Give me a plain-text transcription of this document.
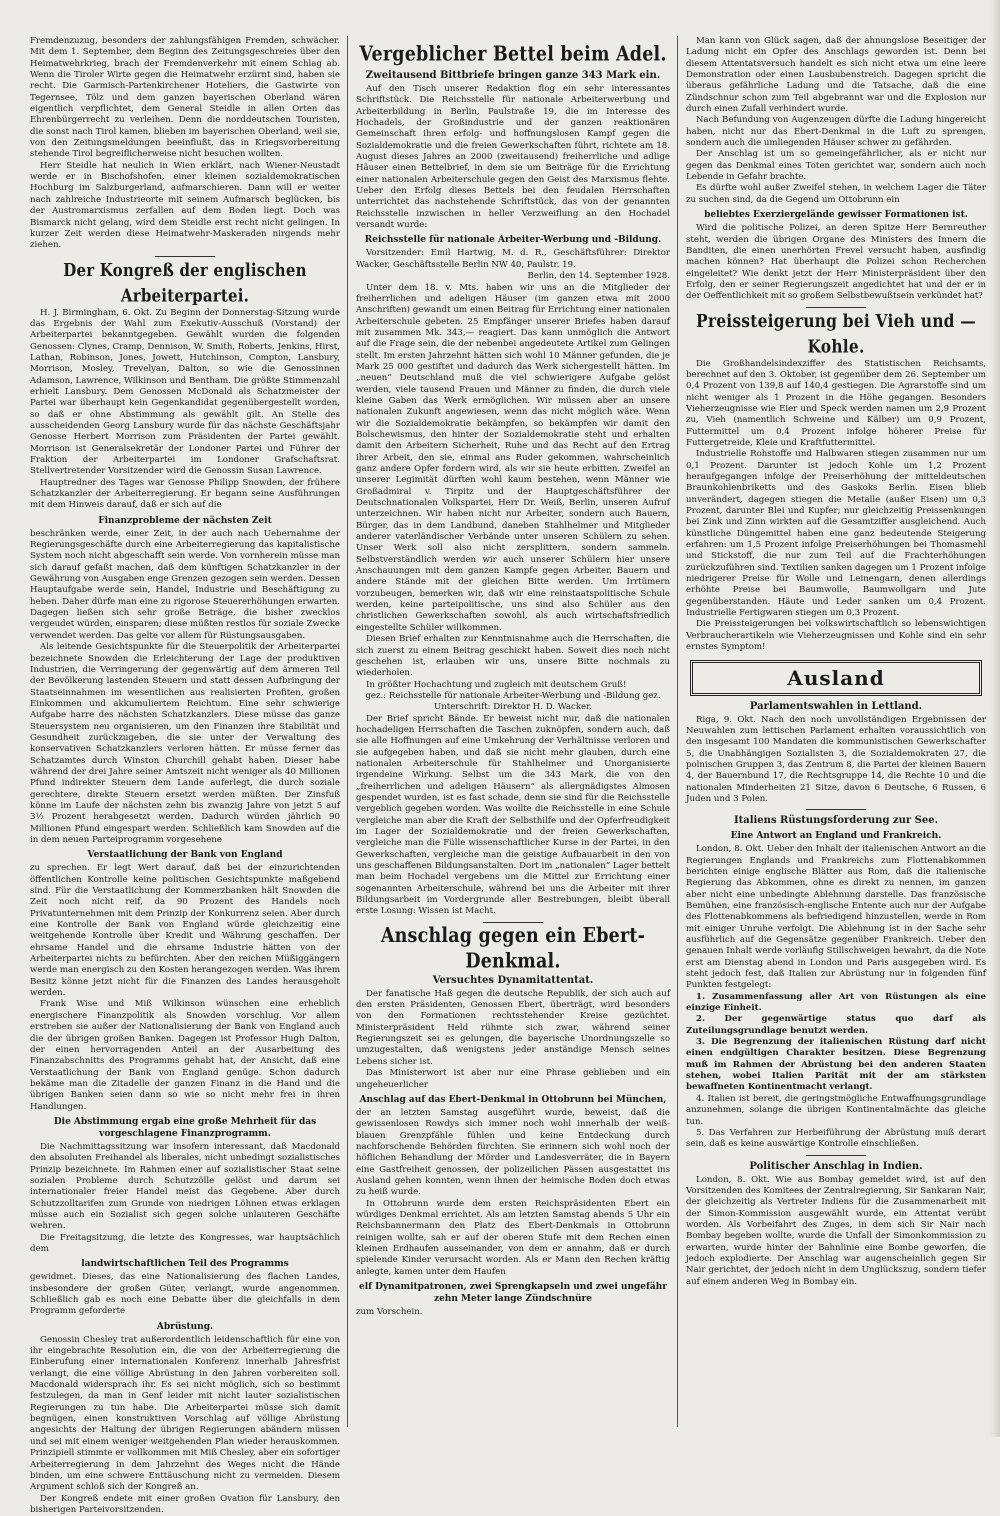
Fremdenzuzug, besonders der zahlungsfähigen Fremden, schwächer. Mit dem 1. September, dem Beginn des Zeitungsgeschreies über den Heimatwehrkrieg, brach der Fremdenverkehr mit einem Schlag ab. Wenn die Tiroler Wirte gegen die Heimatwehr erzürnt sind, haben sie recht. Die Garmisch-Partenkirchener Hoteliers, die Gastwirte von Tegernsee, Tölz und dem ganzen bayerischen Oberland wären eigentlich verpflichtet, dem General Steidle in allen Orten das Ehrenbürgerrecht zu verleihen. Denn die norddeutschen Touristen, die sonst nach Tirol kamen, blieben im bayerischen Oberland, weil sie, von den Zeitungsmeldungen beeinflußt, das in Kriegsvorbereitung stehende Tirol begreiflicherweise nicht besuchen wollten.

Herr Steidle hat neulich in Wien erklärt, nach Wiener-Neustadt werde er in Bischofshofen, einer kleinen sozialdemokratischen Hochburg im Salzburgerland, aufmarschieren. Dann will er weiter nach zahlreiche Industrieorte mit seinem Aufmarsch beglücken, bis der Austromarxismus zerfallen auf dem Boden liegt. Doch was Bismarck nicht gelang, wird dem Steidle erst recht nicht gelingen. In kurzer Zeit werden diese Heimatwehr-Maskeraden nirgends mehr ziehen.

Der Kongreß der englischen Arbeiterpartei.

H. J. Birmingham, 6. Okt. Zu Beginn der Donnerstag-Sitzung wurde das Ergebnis der Wahl zum Exekutiv-Ausschuß (Vorstand) der Arbeiterpartei bekanntgegeben. Gewählt wurden die folgenden Genossen: Clynes, Cramp, Dennison, W. Smith, Roberts, Jenkins, Hirst, Lathan, Robinson, Jones, Jowett, Hutchinson, Compton, Lansbury, Morrison, Mosley, Trevelyan, Dalton, so wie die Genossinnen Adamson, Lawrence, Wilkinson und Bentham. Die größte Stimmenzahl erhielt Lansbury. Dem Genossen McDonald als Schatzmeister der Partei war überhaupt kein Gegenkandidat gegenübergestellt worden, so daß er ohne Abstimmung als gewählt gilt. An Stelle des ausscheidenden Georg Lansbury wurde für das nächste Geschäftsjahr Genosse Herbert Morrison zum Präsidenten der Partei gewählt. Morrison ist Generalsekretär der Londoner Partei und Führer der Fraktion der Arbeiterpartei im Londoner Grafschaftsrat. Stellvertretender Vorsitzender wird die Genossin Susan Lawrence.

Hauptredner des Tages war Genosse Philipp Snowden, der frühere Schatzkanzler der Arbeiterregierung. Er begann seine Ausführungen mit dem Hinweis darauf, daß er sich auf die

Finanzprobleme der nächsten Zeit

beschränken werde, einer Zeit, in der auch nach Uebernahme der Regierungsgeschäfte durch eine Arbeiterregierung das kapitalistische System noch nicht abgeschafft sein werde. Von vornherein müsse man sich darauf gefaßt machen, daß dem künftigen Schatzkanzler in der Gewährung von Ausgaben enge Grenzen gezogen sein werden. Dessen Hauptaufgabe werde sein, Handel, Industrie und Beschäftigung zu heben. Daher dürfe man eine zu rigorose Steuererhöhungen erwarten. Dagegen ließen sich sehr große Beträge, die bisher zwecklos vergeudet würden, einsparen; diese müßten restlos für soziale Zwecke verwendet werden. Das gelte vor allem für Rüstungsausgaben.

Als leitende Gesichtspunkte für die Steuerpolitik der Arbeiterpartei bezeichnete Snowden die Erleichterung der Lage der produktiven Industrien, die Verringerung der gegenwärtig auf dem ärmeren Teil der Bevölkerung lastenden Steuern und statt dessen Aufbringung der Staatseinnahmen im wesentlichen aus realisierten Profiten, großen Einkommen und akkumuliertem Reichtum. Eine sehr schwierige Aufgabe harre des nächsten Schatzkanzlers. Diese müsse das ganze Steuersystem neu organisieren, um den Finanzen ihre Stabilität und Gesundheit zurückzugeben, die sie unter der Verwaltung des konservativen Schatzkanzlers verloren hätten. Er müsse ferner das Schatzamtes durch Winston Churchill gehabt haben. Dieser habe während der drei Jahre seiner Amtszeit nicht weniger als 40 Millionen Pfund indirekter Steuern dem Lande auferlegt, die durch soziale gerechtere, direkte Steuern ersetzt werden müßten. Der Zinsfuß könne im Laufe der nächsten zehn bis zwanzig Jahre von jetzt 5 auf 3½ Prozent herabgesetzt werden. Dadurch würden jährlich 90 Millionen Pfund eingespart werden. Schließlich kam Snowden auf die in dem neuen Parteiprogramm vorgesehene

Verstaatlichung der Bank von England

zu sprechen. Er legt Wert darauf, daß bei der einzurichtenden öffentlichen Kontrolle keine politischen Gesichtspunkte maßgebend sind. Für die Verstaatlichung der Kommerzbanken hält Snowden die Zeit noch nicht reif, da 90 Prozent des Handels noch Privatunternehmen mit dem Prinzip der Konkurrenz seien. Aber durch eine Kontrolle der Bank von England würde gleichzeitig eine weitgehende Kontrolle über Kredit und Währung geschaffen. Der ehrsame Handel und die ehrsame Industrie hätten von der Arbeiterpartei nichts zu befürchten. Aber den reichen Müßiggängern werde man energisch zu den Kosten herangezogen werden. Was ihrem Besitz könne jetzt nicht für die Finanzen des Landes herausgeholt werden.

Frank Wise und Miß Wilkinson wünschen eine erheblich energischere Finanzpolitik als Snowden vorschlug. Vor allem erstreben sie außer der Nationalisierung der Bank von England auch die der übrigen großen Banken. Dagegen ist Professor Hugh Dalton, der einen hervorragenden Anteil an der Ausarbeitung des Finanzabschnitts des Programms gehabt hat, der Ansicht, daß eine Verstaatlichung der Bank von England genüge. Schon dadurch bekäme man die Zitadelle der ganzen Finanz in die Hand und die übrigen Banken seien dann so wie so nicht mehr frei in ihren Handlungen.

Die Abstimmung ergab eine große Mehrheit für das vorgeschlagene Finanzprogramm.

Die Nachmittagssitzung war insofern interessant, daß Macdonald den absoluten Freihandel als liberales, nicht unbedingt sozialistisches Prinzip bezeichnete. Im Rahmen einer auf sozialistischer Staat seine sozialen Probleme durch Schutzzölle gelöst und darum sei internationaler freier Handel meist das Gegebene. Aber durch Schutzzolltarifen zum Grunde von niedrigen Löhnen etwas erklagen müsse auch ein Sozialist sich gegen solche unlauteren Geschäfte wehren.

Die Freitagsitzung, die letzte des Kongresses, war hauptsächlich dem

landwirtschaftlichen Teil des Programms

gewidmet. Dieses, das eine Nationalisierung des flachen Landes, insbesondere der großen Güter, verlangt, wurde angenommen. Schließlich gab es noch eine Debatte über die gleichfalls in dem Programm geforderte

Abrüstung.

Genossin Chesley trat außerordentlich leidenschaftlich für eine von ihr eingebrachte Resolution ein, die von der Arbeiterregierung die Einberufung einer internationalen Konferenz innerhalb Jahresfrist verlangt, die eine völlige Abrüstung in den Jahren vorbereiten soll. Macdonald widersprach ihr. Es sei nicht möglich, sich so bestimmt festzulegen, da man in Genf leider mit nicht lauter sozialistischen Regierungen zu tun habe. Die Arbeiterpartei müsse sich damit begnügen, einen konstruktiven Vorschlag auf völlige Abrüstung angesichts der Haltung der übrigen Regierungen abändern müssen und sei mit einem weniger weitgehenden Plan wieder herauskommen. Prinzipiell stimmte er vollkommen mit Miß Chesley, aber ein sofortiger Arbeiterregierung in dem Jahrzehnt des Weges nicht die Hände binden, um eine schwere Enttäuschung nicht zu vermeiden. Diesem Argument schloß sich der Kongreß an.

Der Kongreß endete mit einer großen Ovation für Lansbury, den bisherigen Parteivorsitzenden.

Vergeblicher Bettel beim Adel.
Zweitausend Bittbriefe bringen ganze 343 Mark ein.

Auf den Tisch unserer Redaktion flog ein sehr interessantes Schriftstück. Die Reichsstelle für nationale Arbeiterwerbung und Arbeiterbildung in Berlin, Paulstraße 19, die im Interesse des Hochadels, der Großindustrie und der ganzen reaktionären Gemeinschaft ihren erfolg- und hoffnungslosen Kampf gegen die Sozialdemokratie und die freien Gewerkschaften führt, richtete am 18. August dieses Jahres an 2000 (zweitausend) freiherrliche und adlige Häuser einen Bettelbrief, in dem sie um Beiträge für die Errichtung einer nationalen Arbeiterschule gegen den Geist des Marxismus flehte. Ueber den Erfolg dieses Bettels bei den feudalen Herrschaften unterrichtet das nachstehende Schriftstück, das von der genannten Reichsstelle inzwischen in heller Verzweiflung an den Hochadel versandt wurde:

Reichsstelle für nationale Arbeiter-Werbung und -Bildung.

Vorsitzender: Emil Hartwig, M. d. R., Geschäftsführer: Direktor Wacker, Geschäftsstelle Berlin NW 40, Paulstr. 19.

Berlin, den 14. September 1928.

Unter dem 18. v. Mts. haben wir uns an die Mitglieder der freiherrlichen und adeligen Häuser (im ganzen etwa mit 2000 Anschriften) gewandt um einen Beitrag für Errichtung einer nationalen Arbeiterschule gebeten. 25 Empfänger unserer Briefes haben darauf mit zusammen Mk. 343,— reagiert. Das kann unmöglich die Antwort auf die Frage sein, die der nebenbei angedeutete Artikel zum Gelingen stellt. Im ersten Jahrzehnt hätten sich wohl 10 Männer gefunden, die je Mark 25 000 gestiftet und dadurch das Werk sichergestellt hätten. Im „neuen“ Deutschland muß die viel schwierigere Aufgabe gelöst werden, viele tausend Frauen und Männer zu finden, die durch viele kleine Gaben das Werk ermöglichen. Wir müssen aber an unsere nationalen Zukunft angewiesen, wenn das nicht möglich wäre. Wenn wir die Sozialdemokratie bekämpfen, so bekämpfen wir damit den Bolschewismus, den hinter der Sozialdemokratie steht und erhalten damit den Arbeitern Sicherheit, Ruhe und das Recht auf den Ertrag ihrer Arbeit, den sie, einmal ans Ruder gekommen, wahrscheinlich ganz andere Opfer fordern wird, als wir sie heute erbitten. Zweifel an unserer Legimität dürften wohl kaum bestehen, wenn Männer wie Großadmiral v. Tirpitz und der Hauptgeschäftsführer der Deutschnationalen Volkspartei, Herr Dr. Weiß, Berlin, unseren Aufruf unterzeichnen. Wir haben nicht nur Arbeiter, sondern auch Bauern, Bürger, das in dem Landbund, daneben Stahlhelmer und Mitglieder anderer vaterländischer Verbände unter unseren Schülern zu sehen. Unser Werk soll also nicht zersplittern, sondern sammeln. Selbstverständlich werden wir auch unserer Schülern hier unsere Anschauungen mit dem ganzen Kampfe gegen Arbeiter, Bauern und andere Stände mit der gleichen Bitte werden. Um Irrtümern vorzubeugen, bemerken wir, daß wir eine reinstaatspolitische Schule werden, keine parteipolitische, uns sind also Schüler aus den christlichen Gewerkschaften sowohl, als auch wirtschaftsfriedlich eingestellte Schüler willkommen.

Diesen Brief erhalten zur Kenntnisnahme auch die Herrschaften, die sich zuerst zu einem Beitrag geschickt haben. Soweit dies noch nicht geschehen ist, erlauben wir uns, unsere Bitte nochmals zu wiederholen.

In größter Hochachtung und zugleich mit deutschem Gruß!

gez.: Reichsstelle für nationale Arbeiter-Werbung und -Bildung gez. Unterschrift: Direktor H. D. Wacker.

Der Brief spricht Bände. Er beweist nicht nur, daß die nationalen hochadeligen Herrschaften die Taschen zuknöpfen, sondern auch, daß sie alle Hoffnungen auf eine Umkehrung der Verhältnisse verloren und sie aufgegeben haben, und daß sie nicht mehr glauben, durch eine nationalen Arbeiterschule für Stahlhelmer und Unorganisierte irgendeine Wirkung. Selbst um die 343 Mark, die von den „freiherrlichen und adeligen Häusern“ als allergnädigstes Almosen gespendet wurden, ist es fast schade, denn sie sind für die Reichsstelle vergeblich gegeben worden. Was wollte die Reichsstelle in eine Schule vergleiche man aber die Kraft der Selbsthilfe und der Opferfreudigkeit im Lager der Sozialdemokratie und der freien Gewerkschaften, vergleiche man die Fülle wissenschaftlicher Kurse in der Partei, in den Gewerkschaften, vergleiche man die geistige Aufbauarbeit in den von uns geschaffenen Bildungsanstalten. Dort im „nationalen“ Lager bettelt man beim Hochadel vergebens um die Mittel zur Errichtung einer sogenannten Arbeiterschule, während bei uns die Arbeiter mit ihrer Bildungsarbeit im Vordergrunde aller Bestrebungen, bleibt überall erste Losung: Wissen ist Macht.

Anschlag gegen ein Ebert-Denkmal.
Versuchtes Dynamitattentat.

Der fanatische Haß gegen die deutsche Republik, der sich auch auf den ersten Präsidenten, Genossen Ebert, überträgt, wird besonders von den Formationen rechtsstehender Kreise gezüchtet. Ministerpräsident Held rühmte sich zwar, während seiner Regierungszeit sei es gelungen, die bayerische Unordnungszelle so umzugestalten, daß wenigstens jeder anständige Mensch seines Lebens sicher ist.

Das Ministerwort ist aber nur eine Phrase geblieben und ein ungeheuerlicher

Anschlag auf das Ebert-Denkmal in Ottobrunn bei München,

der an letzten Samstag ausgeführt wurde, beweist, daß die gewissenlosen Rowdys sich immer noch wohl innerhalb der weiß-blauen Grenzpfähle fühlen und keine Entdeckung durch nachforschende Behörden fürchten. Sie erinnern sich wohl noch der höflichen Behandlung der Mörder und Landesverräter, die in Bayern eine Gastfreiheit genossen, der polizeilichen Pässen ausgestattet ins Ausland gehen konnten, wenn ihnen der heimische Boden doch etwas zu heiß wurde.

In Ottobrunn wurde dem ersten Reichspräsidenten Ebert ein würdiges Denkmal errichtet. Als am letzten Samstag abends 5 Uhr ein Reichsbannermann den Platz des Ebert-Denkmals in Ottobrunn reinigen wollte, sah er auf der oberen Stufe mit dem Rechen einen kleinen Erdhaufen ausseinander, von dem er annahm, daß er durch spielende Kinder verursacht worden. Als er Mann den Rechen kräftig anlegte, kamen unter dem Haufen

elf Dynamitpatronen, zwei Sprengkapseln und zwei ungefähr zehn Meter lange Zündschnüre

zum Vorschein.

Man kann von Glück sagen, daß der ahnungslose Beseitiger der Ladung nicht ein Opfer des Anschlags geworden ist. Denn bei diesem Attentatsversuch handelt es sich nicht etwa um eine leere Demonstration oder einen Lausbubenstreich. Dagegen spricht die überaus gefährliche Ladung und die Tatsache, daß die eine Zündschnur schon zum Teil abgebrannt war und die Explosion nur durch einen Zufall verhindert wurde.

Nach Befundung von Augenzeugen dürfte die Ladung hingereicht haben, nicht nur das Ebert-Denkmal in die Luft zu sprengen, sondern auch die umliegenden Häuser schwer zu gefährden.

Der Anschlag ist um so gemeingefährlicher, als er nicht nur gegen das Denkmal eines Toten gerichtet war, sondern auch noch Lebende in Gefahr brachte.

Es dürfte wohl außer Zweifel stehen, in welchem Lager die Täter zu suchen sind, da die Gegend um Ottobrunn ein

beliebtes Exerziergelände gewisser Formationen ist.

Wird die politische Polizei, an deren Spitze Herr Bernreuther steht, werden die übrigen Organe des Ministers des Innern die Banditen, die einen unerhörten Frevel versucht haben, ausfindig machen können? Hat überhaupt die Polizei schon Recherchen eingeleitet? Wie denkt jetzt der Herr Ministerpräsident über den Erfolg, den er seiner Regierungszeit angedichtet hat und der er in der Oeffentlichkeit mit so großem Selbstbewußtsein verkündet hat?

Preissteigerung bei Vieh und — Kohle.

Die Großhandelsindexziffer des Statistischen Reichsamts, berechnet auf den 3. Oktober, ist gegenüber dem 26. September um 0,4 Prozent von 139,8 auf 140,4 gestiegen. Die Agrarstoffe sind um nicht weniger als 1 Prozent in die Höhe gegangen. Besonders Vieherzeugnisse wie Eier und Speck werden namen um 2,9 Prozent zu, Vieh (namentlich Schweine und Kälber) um 0,9 Prozent, Futtermittel um 0,4 Prozent infolge höherer Preise für Futtergetreide, Kleie und Kraftfuttermittel.

Industrielle Rohstoffe und Halbwaren stiegen zusammen nur um 0,1 Prozent. Darunter ist jedoch Kohle um 1,2 Prozent heraufgegangen infolge der Preiserhöhung der mitteldeutschen Braunkohlenbriketts und des Gaskoks Berlin. Eisen blieb unverändert, dagegen stiegen die Metalle (außer Eisen) um 0,3 Prozent, darunter Blei und Kupfer; nur gleichzeitig Preissenkungen bei Zink und Zinn wirkten auf die Gesamtziffer ausgleichend. Auch künstliche Düngemittel haben eine ganz bedeutende Steigerung erfahren: um 1,5 Prozent infolge Preiserhöhungen bei Thomasmehl und Stickstoff, die nur zum Teil auf die Frachterhöhungen zurückzuführen sind. Textilien sanken dagegen um 1 Prozent infolge niedrigerer Preise für Wolle und Leinengarn, denen allerdings erhöhte Preise bei Baumwolle, Baumwollgarn und Jute gegenüberstanden. Häute und Leder sanken um 0,4 Prozent. Industrielle Fertigwaren stiegen um 0,3 Prozent.

Die Preissteigerungen bei volkswirtschaftlich so lebenswichtigen Verbraucherartikeln wie Vieherzeugnissen und Kohle sind ein sehr ernstes Symptom!

Ausland
Parlamentswahlen in Lettland.

Riga, 9. Okt. Nach den noch unvollständigen Ergebnissen der Neuwahlen zum lettischen Parlament erhalten voraussichtlich von den insgesamt 100 Mandaten die kommunistischen Gewerkschafter 5, die Unabhängigen Sozialisten 3, die Sozialdemokraten 27, die polnischen Gruppen 3, das Zentrum 8, die Partei der kleinen Bauern 4, der Bauernbund 17, die Rechtsgruppe 14, die Rechte 10 und die nationalen Minderheiten 21 Sitze, davon 6 Deutsche, 6 Russen, 6 Juden und 3 Polen.

Italiens Rüstungsforderung zur See.
Eine Antwort an England und Frankreich.

London, 8. Okt. Ueber den Inhalt der italienischen Antwort an die Regierungen Englands und Frankreichs zum Flottenabkommen berichten einige englische Blätter aus Rom, daß die italienische Regierung das Abkommen, ohne es direkt zu nennen, im ganzen aber nicht eine unbedingte Ablehnung darstelle. Das französische Bemühen, eine französisch-englische Entente auch nur der Aufgabe des Flottenabkommens als befriedigend hinzustellen, werde in Rom mit einiger Unruhe verfolgt. Die Ablehnung ist in der Sache sehr ausführlich auf die Gegensätze gegenüber Frankreich. Ueber den genauen Inhalt werde vorläufig Stillschweigen bewahrt, da die Note erst am Dienstag abend in London und Paris ausgegeben wird. Es steht jedoch fest, daß Italien zur Abrüstung nur in folgenden fünf Punkten festgelegt:

1. Zusammenfassung aller Art von Rüstungen als eine einzige Einheit.

2. Der gegenwärtige status quo darf als Zuteilungsgrundlage benutzt werden.

3. Die Begrenzung der italienischen Rüstung darf nicht einen endgültigen Charakter besitzen. Diese Begrenzung muß im Rahmen der Abrüstung bei den anderen Staaten stehen, wobei Italien Parität mit der am stärksten bewaffneten Kontinentmacht verlangt.

4. Italien ist bereit, die geringstmögliche Entwaffnungsgrundlage anzunehmen, solange die übrigen Kontinentalmächte das gleiche tun.

5. Das Verfahren zur Herbeiführung der Abrüstung muß derart sein, daß es keine auswärtige Kontrolle einschließen.

Politischer Anschlag in Indien.

London, 8. Okt. Wie aus Bombay gemeldet wird, ist auf den Vorsitzenden des Komitees der Zentralregierung, Sir Sankaran Nair, der gleichzeitig als Vertreter Indiens für die Zusammenarbeit mit der Simon-Kommission ausgewählt wurde, ein Attentat verübt worden. Als Vorbeifahrt des Zuges, in dem sich Sir Nair nach Bombay begeben wollte, wurde die Unfall der Simonkommission zu erwarten, wurde hinter der Bahnlinie eine Bombe geworfen, die jedoch explodierte. Der Anschlag war augenscheinlich gegen Sir Nair gerichtet, der jedoch nicht in dem Unglückszug, sondern tiefer auf einem anderen Weg in Bombay ein.
